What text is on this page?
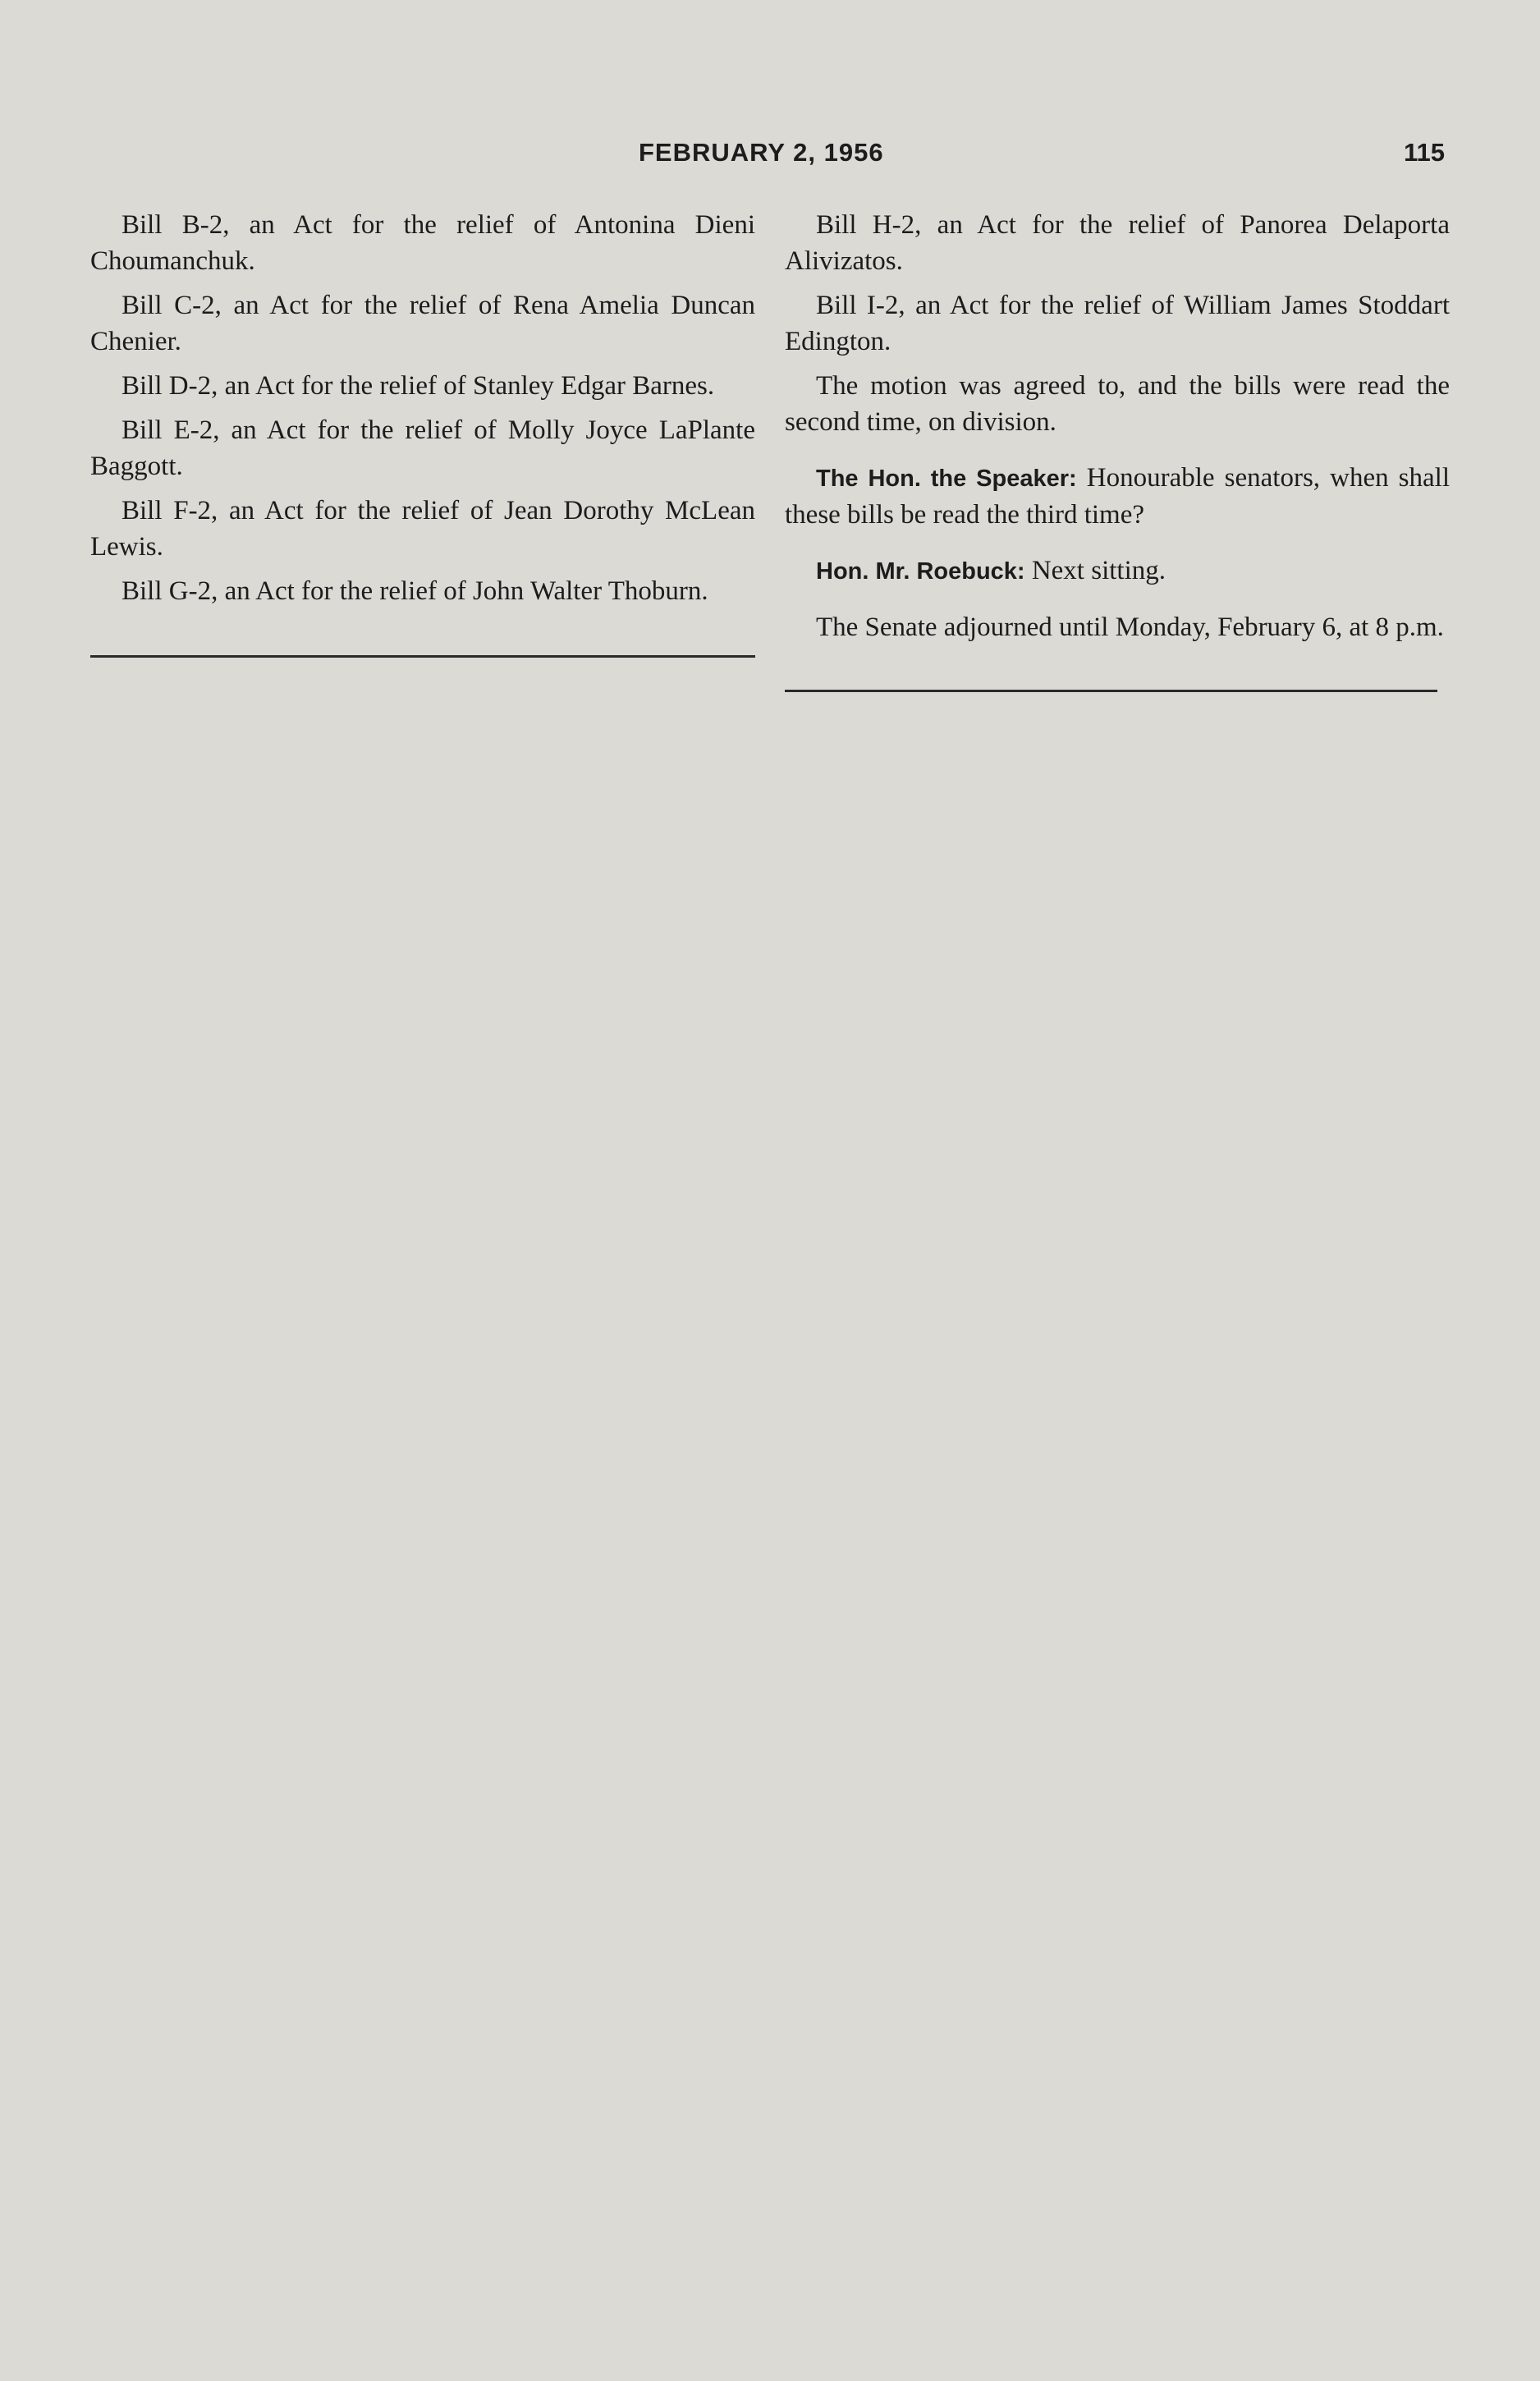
FEBRUARY 2, 1956	115

Bill B-2, an Act for the relief of Antonina Dieni Choumanchuk.

Bill C-2, an Act for the relief of Rena Amelia Duncan Chenier.

Bill D-2, an Act for the relief of Stanley Edgar Barnes.

Bill E-2, an Act for the relief of Molly Joyce LaPlante Baggott.

Bill F-2, an Act for the relief of Jean Dorothy McLean Lewis.

Bill G-2, an Act for the relief of John Walter Thoburn.

Bill H-2, an Act for the relief of Panorea Delaporta Alivizatos.

Bill I-2, an Act for the relief of William James Stoddart Edington.

The motion was agreed to, and the bills were read the second time, on division.

The Hon. the Speaker: Honourable senators, when shall these bills be read the third time?

Hon. Mr. Roebuck: Next sitting.

The Senate adjourned until Monday, February 6, at 8 p.m.
